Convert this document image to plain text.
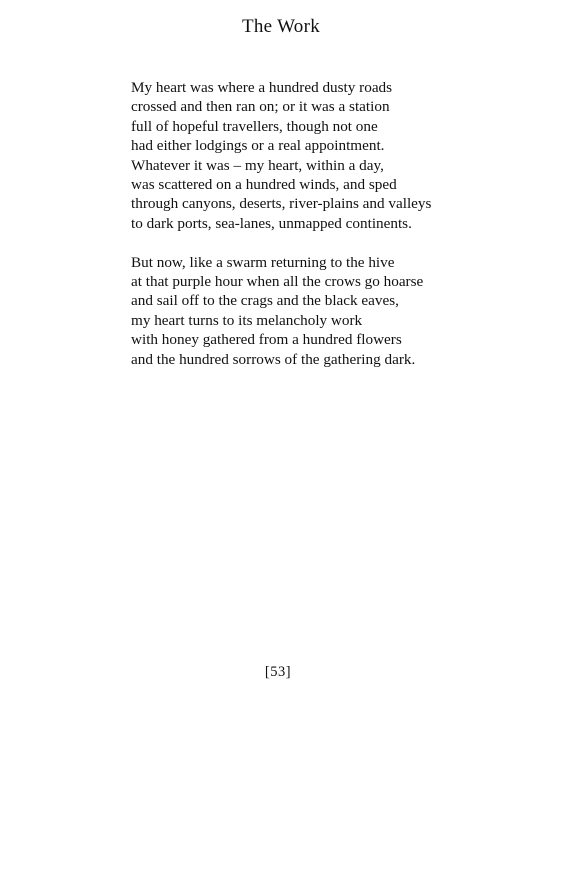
The Work
My heart was where a hundred dusty roads
crossed and then ran on; or it was a station
full of hopeful travellers, though not one
had either lodgings or a real appointment.
Whatever it was – my heart, within a day,
was scattered on a hundred winds, and sped
through canyons, deserts, river-plains and valleys
to dark ports, sea-lanes, unmapped continents.
But now, like a swarm returning to the hive
at that purple hour when all the crows go hoarse
and sail off to the crags and the black eaves,
my heart turns to its melancholy work
with honey gathered from a hundred flowers
and the hundred sorrows of the gathering dark.
[53]
